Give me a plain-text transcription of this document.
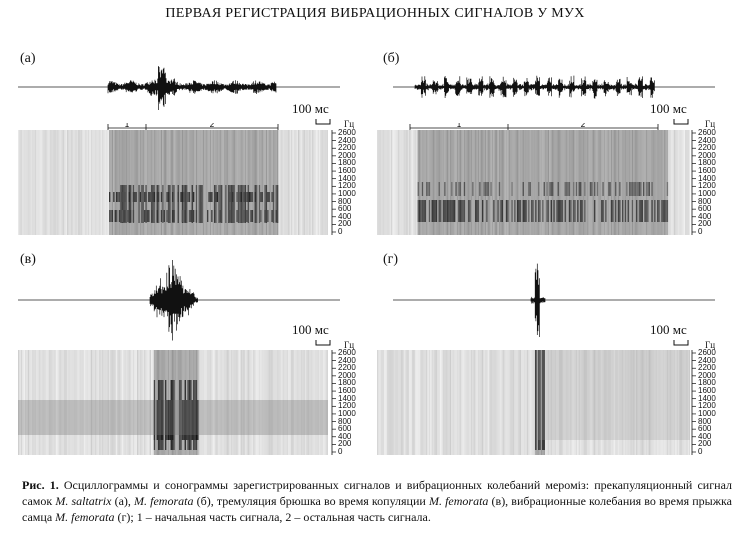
ПЕРВАЯ РЕГИСТРАЦИЯ ВИБРАЦИОННЫХ СИГНАЛОВ У МУХ
(а)
100 мс
1	2	Гц
2600
2400
2200
2000
1800
1600
1400
1200
1000
800
600
400
200
0
(б)
100 мс
1	2	Гц
2600
2400
2200
2000
1800
1600
1400
1200
1000
800
600
400
200
0
(в)
100 мс
Гц
2600
2400
2200
2000
1800
1600
1400
1200
1000
800
600
400
200
0
(г)
100 мс
Гц
2600
2400
2200
2000
1800
1600
1400
1200
1000
800
600
400
200
0
Рис. 1. Осциллограммы и сонограммы зарегистрированных сигналов и вибрационных колебаний мероміз: прекапуляционный сигнал самок M. saltatrix (а), M. femorata (б), тремуляция брюшка во время копуляции M. femorata (в), вибрационные колебания во время прыжка самца M. femorata (г); 1 – начальная часть сигнала, 2 – остальная часть сигнала.
